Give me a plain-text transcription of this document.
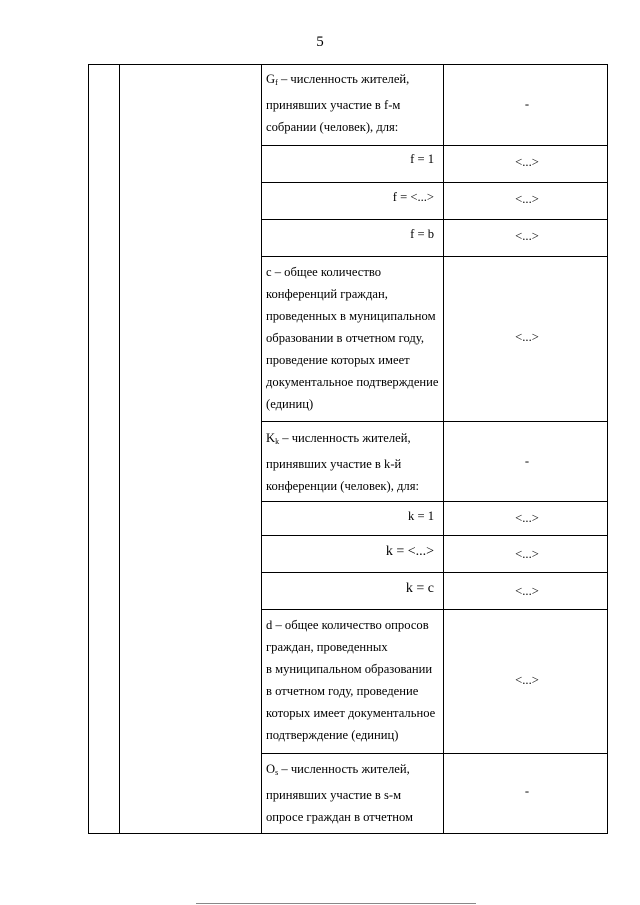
5
$G_f$ – численность жителей,
принявших участие в f-м
собрании (человек), для:
-
f = 1	<...>
f = <...>	<...>
f = b	<...>
c – общее количество
конференций граждан,
проведенных в муниципальном
образовании в отчетном году,
проведение которых имеет
документальное подтверждение
(единиц)
<...>
$K_k$ – численность жителей,
принявших участие в k-й
конференции (человек), для:
-
k = 1	<...>
k = <...>	<...>
k = c	<...>
d – общее количество опросов
граждан, проведенных
в муниципальном образовании
в отчетном году, проведение
которых имеет документальное
подтверждение (единиц)
<...>
$O_s$ – численность жителей,
принявших участие в s-м
опросе граждан в отчетном
-
